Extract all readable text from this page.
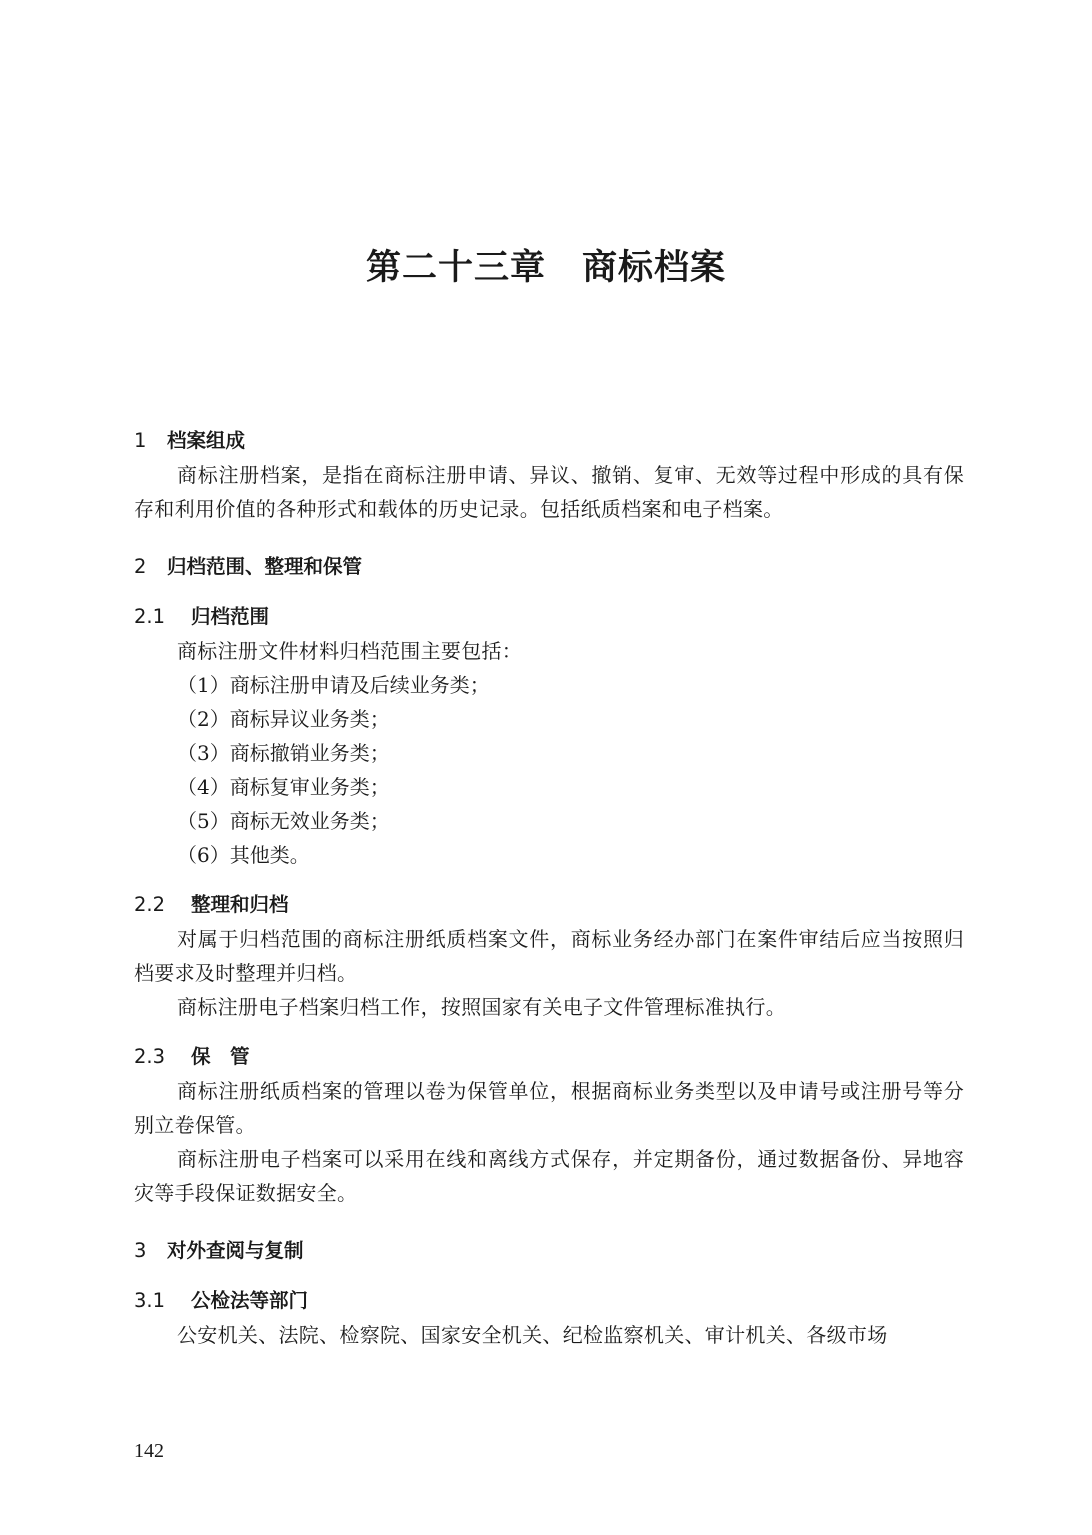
第二十三章　商标档案
1 档案组成

商标注册档案，是指在商标注册申请、异议、撤销、复审、无效等过程中形成的具有保存和利用价值的各种形式和载体的历史记录。包括纸质档案和电子档案。

2 归档范围、整理和保管
2.1 归档范围

商标注册文件材料归档范围主要包括：

（1）商标注册申请及后续业务类；
（2）商标异议业务类；
（3）商标撤销业务类；
（4）商标复审业务类；
（5）商标无效业务类；
（6）其他类。
2.2 整理和归档

对属于归档范围的商标注册纸质档案文件，商标业务经办部门在案件审结后应当按照归档要求及时整理并归档。

商标注册电子档案归档工作，按照国家有关电子文件管理标准执行。

2.3 保　管

商标注册纸质档案的管理以卷为保管单位，根据商标业务类型以及申请号或注册号等分别立卷保管。

商标注册电子档案可以采用在线和离线方式保存，并定期备份，通过数据备份、异地容灾等手段保证数据安全。

3 对外查阅与复制
3.1 公检法等部门

公安机关、法院、检察院、国家安全机关、纪检监察机关、审计机关、各级市场

142
